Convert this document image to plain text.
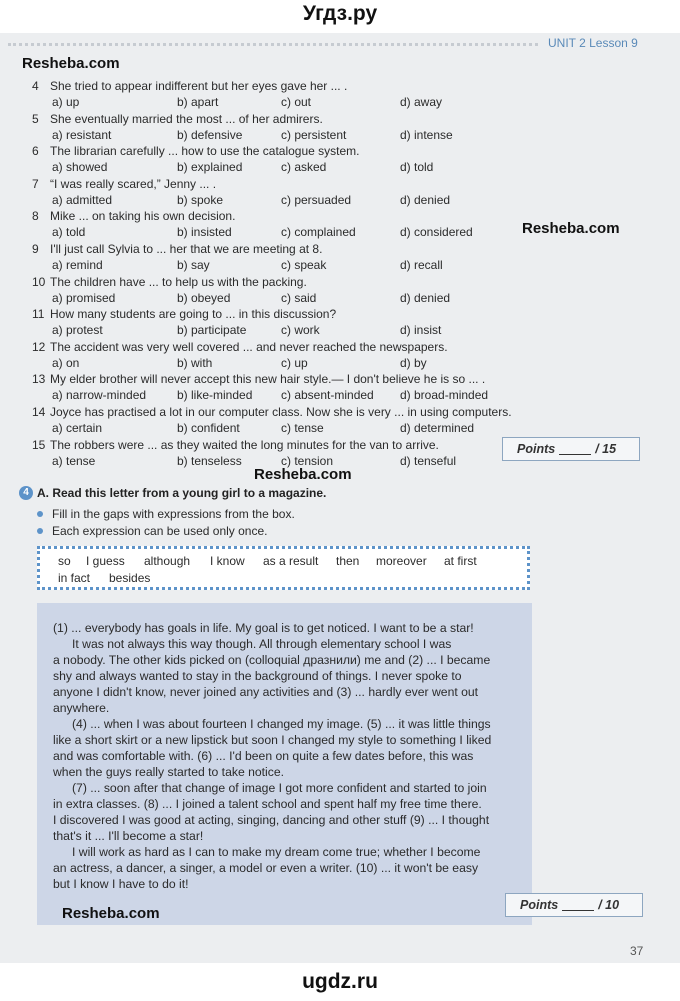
Угдз.ру
UNIT 2 Lesson 9
Resheba.com
Resheba.com
Resheba.com
Resheba.com
4 She tried to appear indifferent but her eyes gave her ... .
a) up	b) apart	c) out	d) away
5 She eventually married the most ... of her admirers.
a) resistant	b) defensive	c) persistent	d) intense
6 The librarian carefully ... how to use the catalogue system.
a) showed	b) explained	c) asked	d) told
7 “I was really scared,” Jenny ... .
a) admitted	b) spoke	c) persuaded	d) denied
8 Mike ... on taking his own decision.
a) told	b) insisted	c) complained	d) considered
9 I'll just call Sylvia to ... her that we are meeting at 8.
a) remind	b) say	c) speak	d) recall
10 The children have ... to help us with the packing.
a) promised	b) obeyed	c) said	d) denied
11 How many students are going to ... in this discussion?
a) protest	b) participate	c) work	d) insist
12 The accident was very well covered ... and never reached the newspapers.
a) on	b) with	c) up	d) by
13 My elder brother will never accept this new hair style.— I don't believe he is so ... .
a) narrow-minded	b) like-minded c) absent-minded d) broad-minded
14 Joyce has practised a lot in our computer class. Now she is very ... in using computers.
a) certain	b) confident	c) tense	d) determined
15 The robbers were ... as they waited the long minutes for the van to arrive.
a) tense	b) tenseless	c) tension	d) tenseful
Points	/ 15
4 A. Read this letter from a young girl to a magazine.
Fill in the gaps with expressions from the box.
Each expression can be used only once.
so I guess although I know as a result then moreover at first
in fact besides
(1) ... everybody has goals in life. My goal is to get noticed. I want to be a star!
It was not always this way though. All through elementary school I was
a nobody. The other kids picked on (colloquial дразнили) me and (2) ... I became
shy and always wanted to stay in the background of things. I never spoke to
anyone I didn't know, never joined any activities and (3) ... hardly ever went out
anywhere.
(4) ... when I was about fourteen I changed my image. (5) ... it was little things
like a short skirt or a new lipstick but soon I changed my style to something I liked
and was comfortable with. (6) ... I'd been on quite a few dates before, this was
when the guys really started to take notice.
(7) ... soon after that change of image I got more confident and started to join
in extra classes. (8) ... I joined a talent school and spent half my free time there.
I discovered I was good at acting, singing, dancing and other stuff (9) ... I thought
that's it ... I'll become a star!
I will work as hard as I can to make my dream come true; whether I become
an actress, a dancer, a singer, a model or even a writer. (10) ... it won't be easy
but I know I have to do it!
Points	/ 10
37
ugdz.ru
